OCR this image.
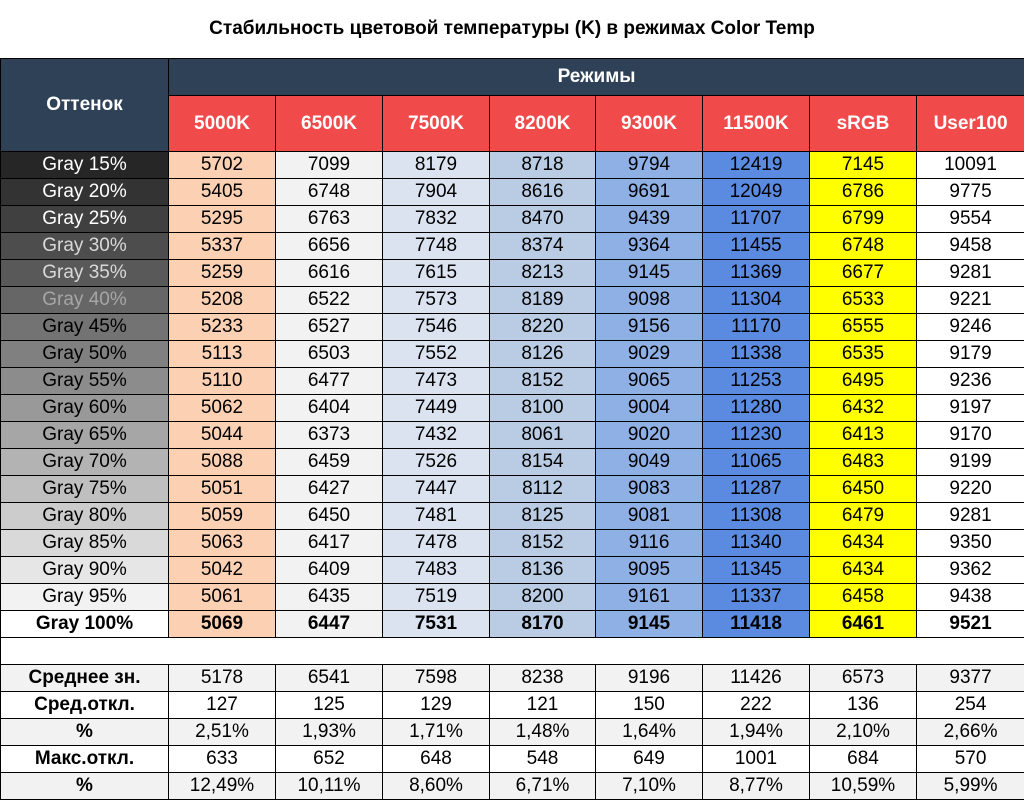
Стабильность цветовой температуры (K) в режимах Color Temp
Оттенок	Режимы							
	5000K	6500K	7500K	8200K	9300K	11500K	sRGB	User100
Gray 15%	5702	7099	8179	8718	9794	12419	7145	10091
Gray 20%	5405	6748	7904	8616	9691	12049	6786	9775
Gray 25%	5295	6763	7832	8470	9439	11707	6799	9554
Gray 30%	5337	6656	7748	8374	9364	11455	6748	9458
Gray 35%	5259	6616	7615	8213	9145	11369	6677	9281
Gray 40%	5208	6522	7573	8189	9098	11304	6533	9221
Gray 45%	5233	6527	7546	8220	9156	11170	6555	9246
Gray 50%	5113	6503	7552	8126	9029	11338	6535	9179
Gray 55%	5110	6477	7473	8152	9065	11253	6495	9236
Gray 60%	5062	6404	7449	8100	9004	11280	6432	9197
Gray 65%	5044	6373	7432	8061	9020	11230	6413	9170
Gray 70%	5088	6459	7526	8154	9049	11065	6483	9199
Gray 75%	5051	6427	7447	8112	9083	11287	6450	9220
Gray 80%	5059	6450	7481	8125	9081	11308	6479	9281
Gray 85%	5063	6417	7478	8152	9116	11340	6434	9350
Gray 90%	5042	6409	7483	8136	9095	11345	6434	9362
Gray 95%	5061	6435	7519	8200	9161	11337	6458	9438
Gray 100%	5069	6447	7531	8170	9145	11418	6461	9521

Среднее зн.	5178	6541	7598	8238	9196	11426	6573	9377
Сред.откл.	127	125	129	121	150	222	136	254
%	2,51%	1,93%	1,71%	1,48%	1,64%	1,94%	2,10%	2,66%
Макс.откл.	633	652	648	548	649	1001	684	570
%	12,49%	10,11%	8,60%	6,71%	7,10%	8,77%	10,59%	5,99%
